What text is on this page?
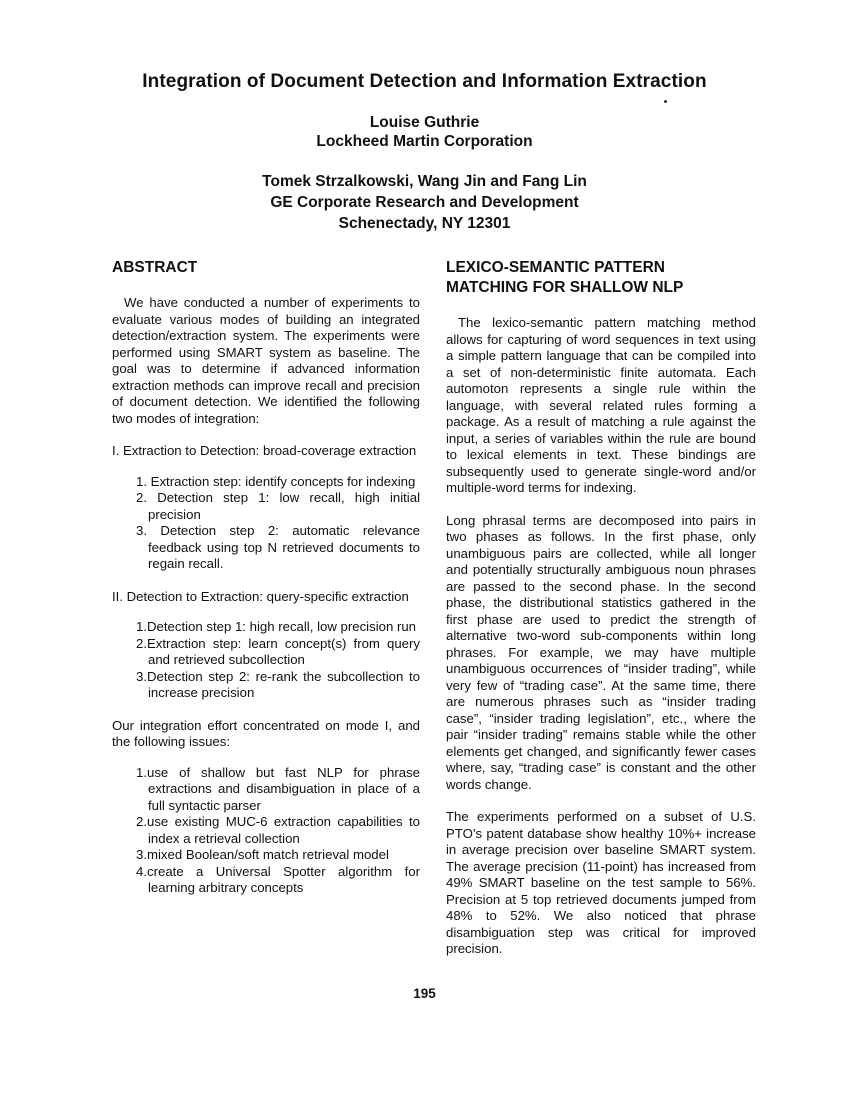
Integration of Document Detection and Information Extraction
Louise Guthrie
Lockheed Martin Corporation
Tomek Strzalkowski, Wang Jin and Fang Lin
GE Corporate Research and Development
Schenectady, NY 12301
ABSTRACT

We have conducted a number of experiments to evaluate various modes of building an integrated detection/extraction system. The experiments were performed using SMART system as baseline. The goal was to determine if advanced information extraction methods can improve recall and precision of document detection. We identified the following two modes of integration:

I. Extraction to Detection: broad-coverage extraction

1. Extraction step: identify concepts for indexing
2. Detection step 1: low recall, high initial precision
3. Detection step 2: automatic relevance feedback using top N retrieved documents to regain recall.

II. Detection to Extraction: query-specific extraction

1.Detection step 1: high recall, low precision run
2.Extraction step: learn concept(s) from query and retrieved subcollection
3.Detection step 2: re-rank the subcollection to increase precision

Our integration effort concentrated on mode I, and the following issues:

1.use of shallow but fast NLP for phrase extractions and disambiguation in place of a full syntactic parser
2.use existing MUC-6 extraction capabilities to index a retrieval collection
3.mixed Boolean/soft match retrieval model
4.create a Universal Spotter algorithm for learning arbitrary concepts
LEXICO-SEMANTIC PATTERN
MATCHING FOR SHALLOW NLP

The lexico-semantic pattern matching method allows for capturing of word sequences in text using a simple pattern language that can be compiled into a set of non-deterministic finite automata. Each automoton represents a single rule within the language, with several related rules forming a package. As a result of matching a rule against the input, a series of variables within the rule are bound to lexical elements in text. These bindings are subsequently used to generate single-word and/or multiple-word terms for indexing.

Long phrasal terms are decomposed into pairs in two phases as follows. In the first phase, only unambiguous pairs are collected, while all longer and potentially structurally ambiguous noun phrases are passed to the second phase. In the second phase, the distributional statistics gathered in the first phase are used to predict the strength of alternative two-word sub-components within long phrases. For example, we may have multiple unambiguous occurrences of “insider trading”, while very few of “trading case”. At the same time, there are numerous phrases such as “insider trading case”, “insider trading legislation”, etc., where the pair “insider trading” remains stable while the other elements get changed, and significantly fewer cases where, say, “trading case” is constant and the other words change.

The experiments performed on a subset of U.S. PTO’s patent database show healthy 10%+ increase in average precision over baseline SMART system. The average precision (11-point) has increased from 49% SMART baseline on the test sample to 56%. Precision at 5 top retrieved documents jumped from 48% to 52%. We also noticed that phrase disambiguation step was critical for improved precision.

195
